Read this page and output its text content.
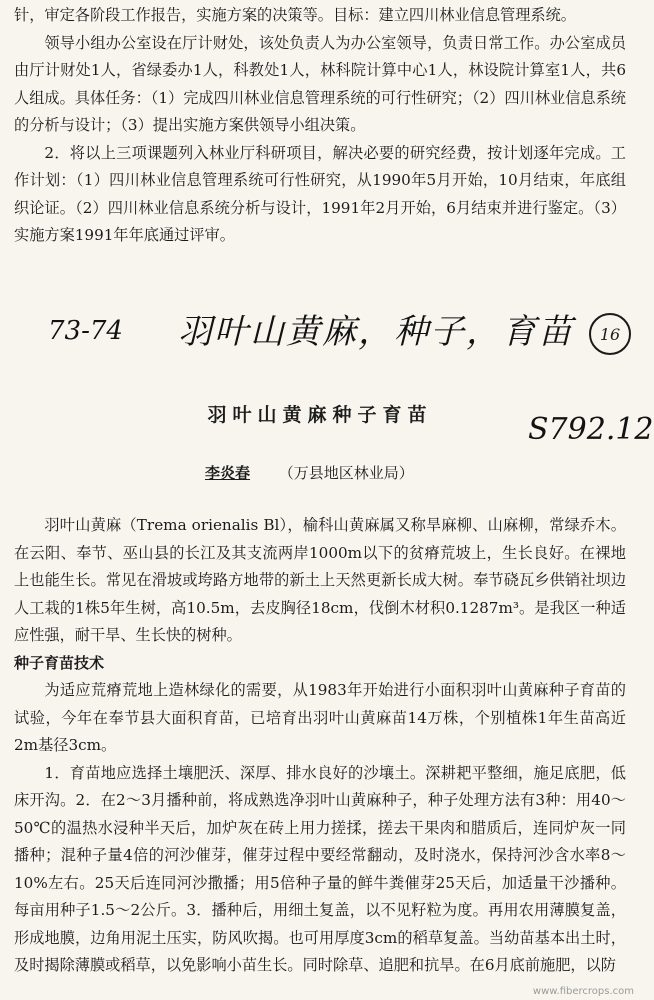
针，审定各阶段工作报告，实施方案的决策等。目标：建立四川林业信息管理系统。

领导小组办公室设在厅计财处，该处负责人为办公室领导，负责日常工作。办公室成员由厅计财处1人，省绿委办1人，科教处1人，林科院计算中心1人，林设院计算室1人，共6人组成。具体任务：（1）完成四川林业信息管理系统的可行性研究；（2）四川林业信息系统的分析与设计；（3）提出实施方案供领导小组决策。

2．将以上三项课题列入林业厅科研项目，解决必要的研究经费，按计划逐年完成。工作计划：（1）四川林业信息管理系统可行性研究，从1990年5月开始，10月结束，年底组织论证。（2）四川林业信息系统分析与设计，1991年2月开始，6月结束并进行鉴定。（3）实施方案1991年年底通过评审。

73-74 羽叶山黄麻，种子，育苗 16
羽叶山黄麻种子育苗	S792.12
李炎春 （万县地区林业局）

羽叶山黄麻（Trema orienalis Bl），榆科山黄麻属又称旱麻柳、山麻柳，常绿乔木。在云阳、奉节、巫山县的长江及其支流两岸1000m以下的贫瘠荒坡上，生长良好。在裸地上也能生长。常见在滑坡或垮路方地带的新土上天然更新长成大树。奉节硗瓦乡供销社坝边人工栽的1株5年生树，高10.5m，去皮胸径18cm，伐倒木材积0.1287m³。是我区一种适应性强，耐干旱、生长快的树种。

种子育苗技术

为适应荒瘠荒地上造林绿化的需要，从1983年开始进行小面积羽叶山黄麻种子育苗的试验，今年在奉节县大面积育苗，已培育出羽叶山黄麻苗14万株，个别植株1年生苗高近2m基径3cm。

1．育苗地应选择土壤肥沃、深厚、排水良好的沙壤土。深耕耙平整细，施足底肥，低床开沟。2．在2～3月播种前，将成熟选净羽叶山黄麻种子，种子处理方法有3种：用40～50℃的温热水浸种半天后，加炉灰在砖上用力搓揉，搓去干果肉和腊质后，连同炉灰一同播种；混种子量4倍的河沙催芽，催芽过程中要经常翻动，及时浇水，保持河沙含水率8～10%左右。25天后连同河沙撒播；用5倍种子量的鲜牛粪催芽25天后，加适量干沙播种。每亩用种子1.5～2公斤。3．播种后，用细土复盖，以不见籽粒为度。再用农用薄膜复盖，形成地膜，边角用泥土压实，防风吹揭。也可用厚度3cm的稻草复盖。当幼苗基本出土时，及时揭除薄膜或稻草，以免影响小苗生长。同时除草、追肥和抗旱。在6月底前施肥，以防

www.fibercrops.com
